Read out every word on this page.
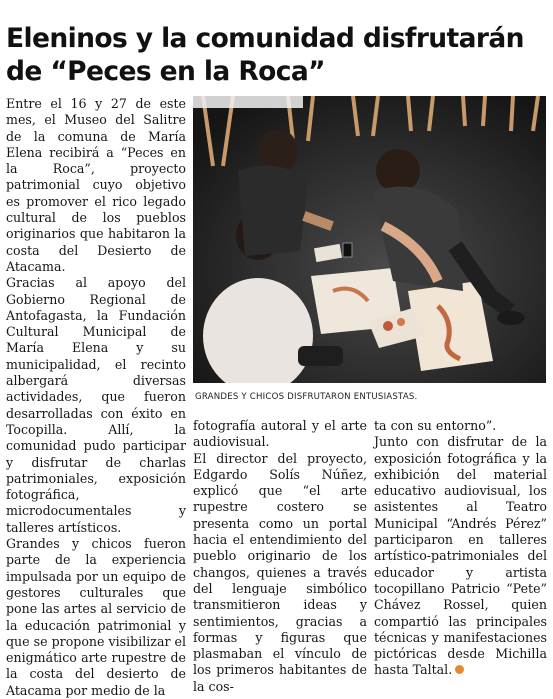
Eleninos y la comunidad disfrutarán
de “Peces en la Roca”

Entre el 16 y 27 de este mes, el Museo del Salitre de la comuna de María Elena recibirá a “Peces en la Roca”, proyecto patrimonial cuyo objetivo es promover el rico legado cultural de los pueblos originarios que habitaron la costa del Desierto de Atacama.

Gracias al apoyo del Gobierno Regional de Antofagasta, la Fundación Cultural Municipal de María Elena y su municipalidad, el recinto albergará diversas actividades, que fueron desarrolladas con éxito en Tocopilla. Allí, la comunidad pudo participar y disfrutar de charlas patrimoniales, exposición fotográfica, microdocumentales y talleres artísticos.

Grandes y chicos fueron parte de la experiencia impulsada por un equipo de gestores culturales que pone las artes al servicio de la educación patrimonial y que se propone visibilizar el enigmático arte rupestre de la costa del desierto de Atacama por medio de la

GRANDES Y CHICOS DISFRUTARON ENTUSIASTAS.

fotografía autoral y el arte audiovisual.

El director del proyecto, Edgardo Solís Núñez, explicó que “el arte rupestre costero se presenta como un portal hacia el entendimiento del pueblo originario de los changos, quienes a través del lenguaje simbólico transmitieron ideas y sentimientos, gracias a formas y figuras que plasmaban el vínculo de los primeros habitantes de la cos-

ta con su entorno”.

Junto con disfrutar de la exposición fotográfica y la exhibición del material educativo audiovisual, los asistentes al Teatro Municipal “Andrés Pérez” participaron en talleres artístico-patrimoniales del educador y artista tocopillano Patricio “Pete” Chávez Rossel, quien compartió las principales técnicas y manifestaciones pictóricas desde Michilla hasta Taltal.
